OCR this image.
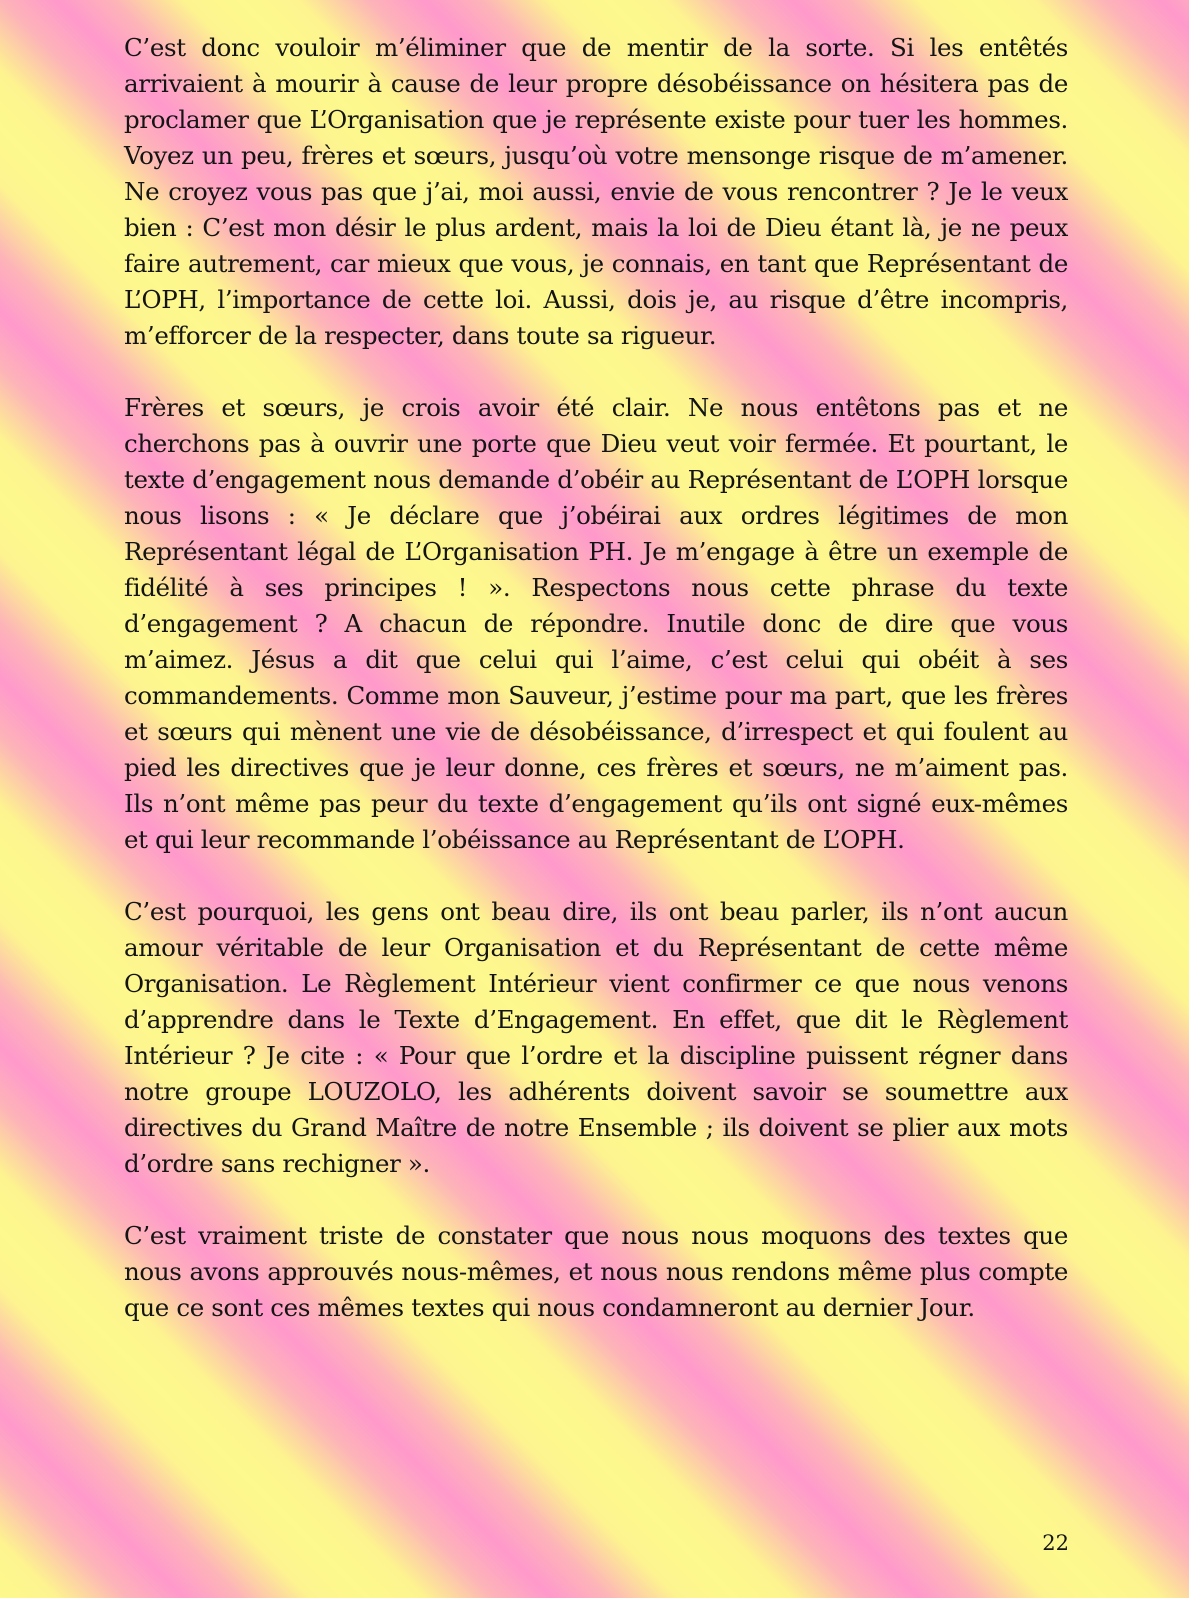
C’est donc vouloir m’éliminer que de mentir de la sorte. Si les entêtés arrivaient à mourir à cause de leur propre désobéissance on hésitera pas de proclamer que L’Organisation que je représente existe pour tuer les hommes. Voyez un peu, frères et sœurs, jusqu’où votre mensonge risque de m’amener. Ne croyez vous pas que j’ai, moi aussi, envie de vous rencontrer ? Je le veux bien : C’est mon désir le plus ardent, mais la loi de Dieu étant là, je ne peux faire autrement, car mieux que vous, je connais, en tant que Représentant de L’OPH, l’importance de cette loi. Aussi, dois je, au risque d’être incompris, m’efforcer de la respecter, dans toute sa rigueur.

Frères et sœurs, je crois avoir été clair. Ne nous entêtons pas et ne cherchons pas à ouvrir une porte que Dieu veut voir fermée. Et pourtant, le texte d’engagement nous demande d’obéir au Représentant de L’OPH lorsque nous lisons : « Je déclare que j’obéirai aux ordres légitimes de mon Représentant légal de L’Organisation PH. Je m’engage à être un exemple de fidélité à ses principes ! ». Respectons nous cette phrase du texte d’engagement ? A chacun de répondre. Inutile donc de dire que vous m’aimez. Jésus a dit que celui qui l’aime, c’est celui qui obéit à ses commandements. Comme mon Sauveur, j’estime pour ma part, que les frères et sœurs qui mènent une vie de désobéissance, d’irrespect et qui foulent au pied les directives que je leur donne, ces frères et sœurs, ne m’aiment pas. Ils n’ont même pas peur du texte d’engagement qu’ils ont signé eux-mêmes et qui leur recommande l’obéissance au Représentant de L’OPH.

C’est pourquoi, les gens ont beau dire, ils ont beau parler, ils n’ont aucun amour véritable de leur Organisation et du Représentant de cette même Organisation. Le Règlement Intérieur vient confirmer ce que nous venons d’apprendre dans le Texte d’Engagement. En effet, que dit le Règlement Intérieur ? Je cite : « Pour que l’ordre et la discipline puissent régner dans notre groupe LOUZOLO, les adhérents doivent savoir se soumettre aux directives du Grand Maître de notre Ensemble ; ils doivent se plier aux mots d’ordre sans rechigner ».

C’est vraiment triste de constater que nous nous moquons des textes que nous avons approuvés nous-mêmes, et nous nous rendons même plus compte que ce sont ces mêmes textes qui nous condamneront au dernier Jour.

22
